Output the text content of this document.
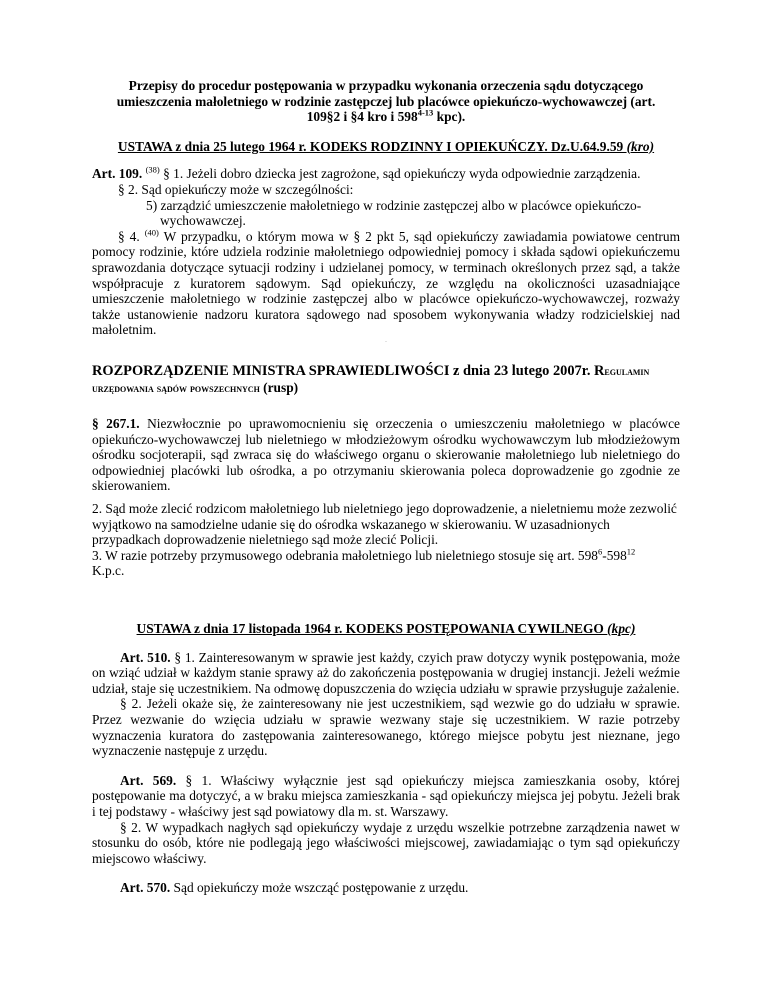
Przepisy do procedur postępowania w przypadku wykonania orzeczenia sądu dotyczącego
umieszczenia małoletniego w rodzinie zastępczej lub placówce opiekuńczo-wychowawczej (art.
109§2 i §4 kro i 598$^{4-13}$ kpc).
USTAWA z dnia 25 lutego 1964 r. KODEKS RODZINNY I OPIEKUŃCZY. Dz.U.64.9.59 (kro)

Art. 109. $^{(38)}$ § 1. Jeżeli dobro dziecka jest zagrożone, sąd opiekuńczy wyda odpowiednie zarządzenia.

§ 2. Sąd opiekuńczy może w szczególności:

5) zarządzić umieszczenie małoletniego w rodzinie zastępczej albo w placówce opiekuńczo-
wychowawczej.

§ 4. $^{(40)}$ W przypadku, o którym mowa w § 2 pkt 5, sąd opiekuńczy zawiadamia powiatowe centrum pomocy rodzinie, które udziela rodzinie małoletniego odpowiedniej pomocy i składa sądowi opiekuńczemu sprawozdania dotyczące sytuacji rodziny i udzielanej pomocy, w terminach określonych przez sąd, a także współpracuje z kuratorem sądowym. Sąd opiekuńczy, ze względu na okoliczności uzasadniające umieszczenie małoletniego w rodzinie zastępczej albo w placówce opiekuńczo-wychowawczej, rozważy także ustanowienie nadzoru kuratora sądowego nad sposobem wykonywania władzy rodzicielskiej nad małoletnim.

.
ROZPORZĄDZENIE MINISTRA SPRAWIEDLIWOŚCI z dnia 23 lutego 2007r. Regulamin
urzędowania sądów powszechnych (rusp)

§ 267.1. Niezwłocznie po uprawomocnieniu się orzeczenia o umieszczeniu małoletniego w placówce opiekuńczo-wychowawczej lub nieletniego w młodzieżowym ośrodku wychowawczym lub młodzieżowym ośrodku socjoterapii, sąd zwraca się do właściwego organu o skierowanie małoletniego lub nieletniego do odpowiedniej placówki lub ośrodka, a po otrzymaniu skierowania poleca doprowadzenie go zgodnie ze skierowaniem.

2. Sąd może zlecić rodzicom małoletniego lub nieletniego jego doprowadzenie, a nieletniemu może zezwolić wyjątkowo na samodzielne udanie się do ośrodka wskazanego w skierowaniu. W uzasadnionych przypadkach doprowadzenie nieletniego sąd może zlecić Policji.

3. W razie potrzeby przymusowego odebrania małoletniego lub nieletniego stosuje się art. $598^6-598^{12}$
K.p.c.

USTAWA z dnia 17 listopada 1964 r. KODEKS POSTĘPOWANIA CYWILNEGO (kpc)

Art. 510. § 1. Zainteresowanym w sprawie jest każdy, czyich praw dotyczy wynik postępowania, może on wziąć udział w każdym stanie sprawy aż do zakończenia postępowania w drugiej instancji. Jeżeli weźmie udział, staje się uczestnikiem. Na odmowę dopuszczenia do wzięcia udziału w sprawie przysługuje zażalenie.

§ 2. Jeżeli okaże się, że zainteresowany nie jest uczestnikiem, sąd wezwie go do udziału w sprawie. Przez wezwanie do wzięcia udziału w sprawie wezwany staje się uczestnikiem. W razie potrzeby wyznaczenia kuratora do zastępowania zainteresowanego, którego miejsce pobytu jest nieznane, jego wyznaczenie następuje z urzędu.

Art. 569. § 1. Właściwy wyłącznie jest sąd opiekuńczy miejsca zamieszkania osoby, której postępowanie ma dotyczyć, a w braku miejsca zamieszkania - sąd opiekuńczy miejsca jej pobytu. Jeżeli brak i tej podstawy - właściwy jest sąd powiatowy dla m. st. Warszawy.

§ 2. W wypadkach nagłych sąd opiekuńczy wydaje z urzędu wszelkie potrzebne zarządzenia nawet w stosunku do osób, które nie podlegają jego właściwości miejscowej, zawiadamiając o tym sąd opiekuńczy miejscowo właściwy.

Art. 570. Sąd opiekuńczy może wszcząć postępowanie z urzędu.
